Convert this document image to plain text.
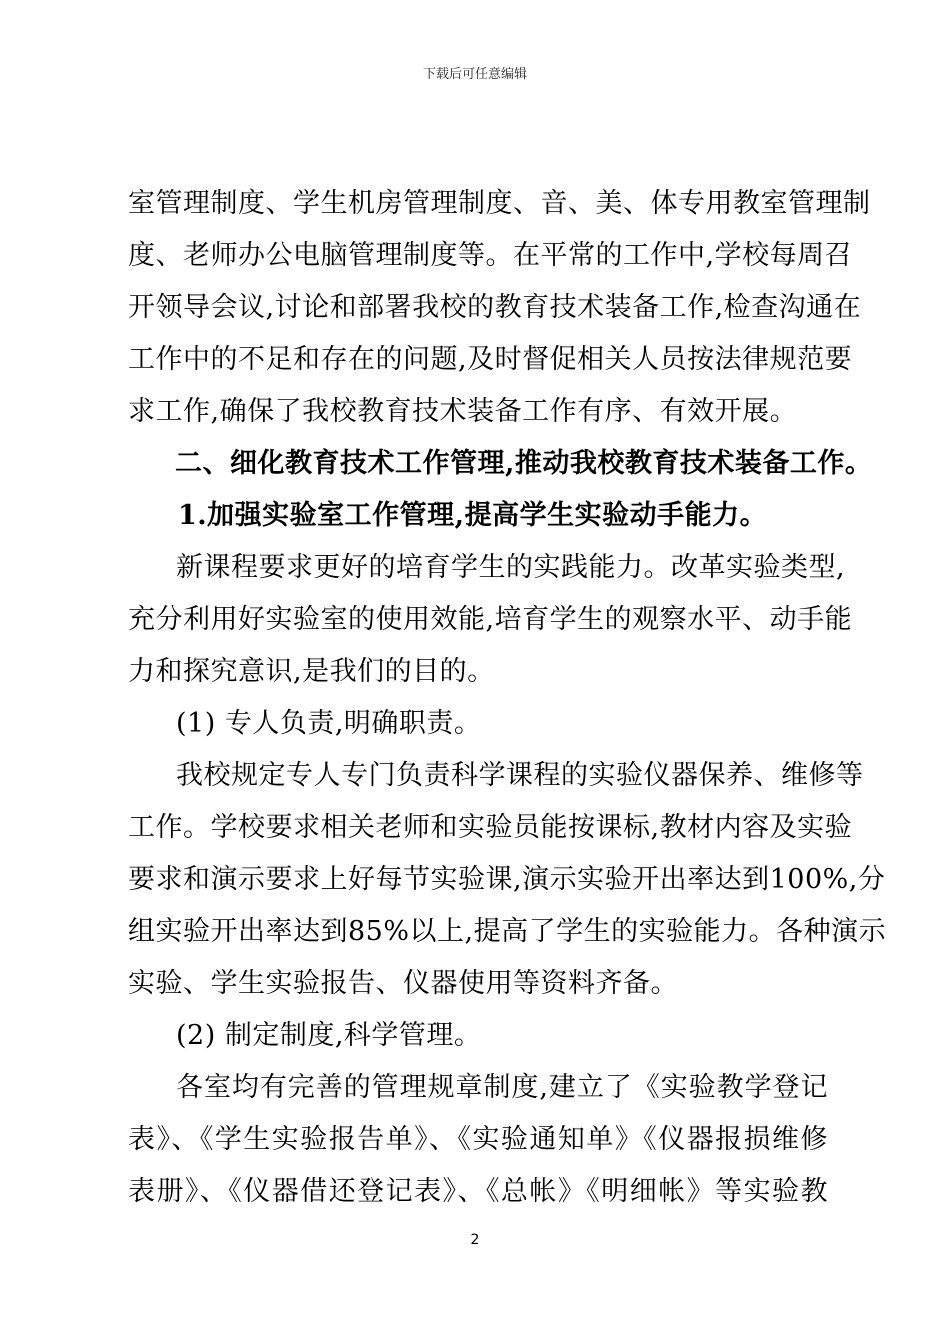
下载后可任意编辑
室管理制度、学生机房管理制度、音、美、体专用教室管理制
度、老师办公电脑管理制度等。在平常的工作中,学校每周召
开领导会议,讨论和部署我校的教育技术装备工作,检查沟通在
工作中的不足和存在的问题,及时督促相关人员按法律规范要
求工作,确保了我校教育技术装备工作有序、有效开展。
二、细化教育技术工作管理,推动我校教育技术装备工作。
1.加强实验室工作管理,提高学生实验动手能力。
新课程要求更好的培育学生的实践能力。改革实验类型,
充分利用好实验室的使用效能,培育学生的观察水平、动手能
力和探究意识,是我们的目的。
(1) 专人负责,明确职责。
我校规定专人专门负责科学课程的实验仪器保养、维修等
工作。学校要求相关老师和实验员能按课标,教材内容及实验
要求和演示要求上好每节实验课,演示实验开出率达到100%,分
组实验开出率达到85%以上,提高了学生的实验能力。各种演示
实验、学生实验报告、仪器使用等资料齐备。
(2) 制定制度,科学管理。
各室均有完善的管理规章制度,建立了《实验教学登记
表》、《学生实验报告单》、《实验通知单》《仪器报损维修
表册》、《仪器借还登记表》、《总帐》《明细帐》等实验教
2
